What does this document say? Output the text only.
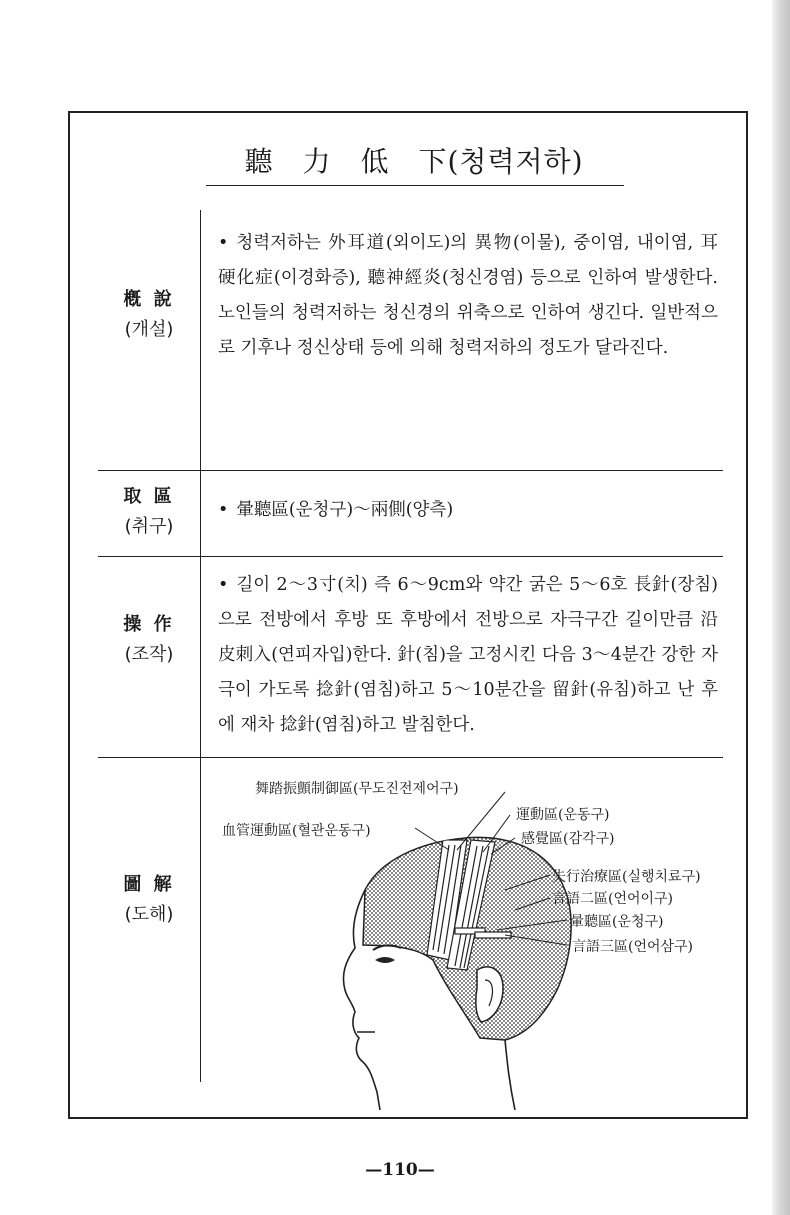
聽　力　低　下(청력저하)
槪 說
(개설)
• 청력저하는 外耳道(외이도)의 異物(이물), 중이염, 내이염, 耳硬化症(이경화증), 聽神經炎(청신경염) 등으로 인하여 발생한다. 노인들의 청력저하는 청신경의 위축으로 인하여 생긴다. 일반적으로 기후나 정신상태 등에 의해 청력저하의 정도가 달라진다.
取 區
(취구)
• 暈聽區(운청구)～兩側(양측)
操 作
(조작)
• 길이 2～3寸(치) 즉 6～9cm와 약간 굵은 5～6호 長針(장침)으로 전방에서 후방 또 후방에서 전방으로 자극구간 길이만큼 沿皮刺入(연피자입)한다. 針(침)을 고정시킨 다음 3～4분간 강한 자극이 가도록 捻針(염침)하고 5～10분간을 留針(유침)하고 난 후에 재차 捻針(염침)하고 발침한다.
圖 解
(도해)
舞踏振顫制御區(무도진전제어구)
血管運動區(혈관운동구)
運動區(운동구)
感覺區(감각구)
失行治療區(실행치료구)
言語二區(언어이구)
暈聽區(운청구)
言語三區(언어삼구)
—110—
